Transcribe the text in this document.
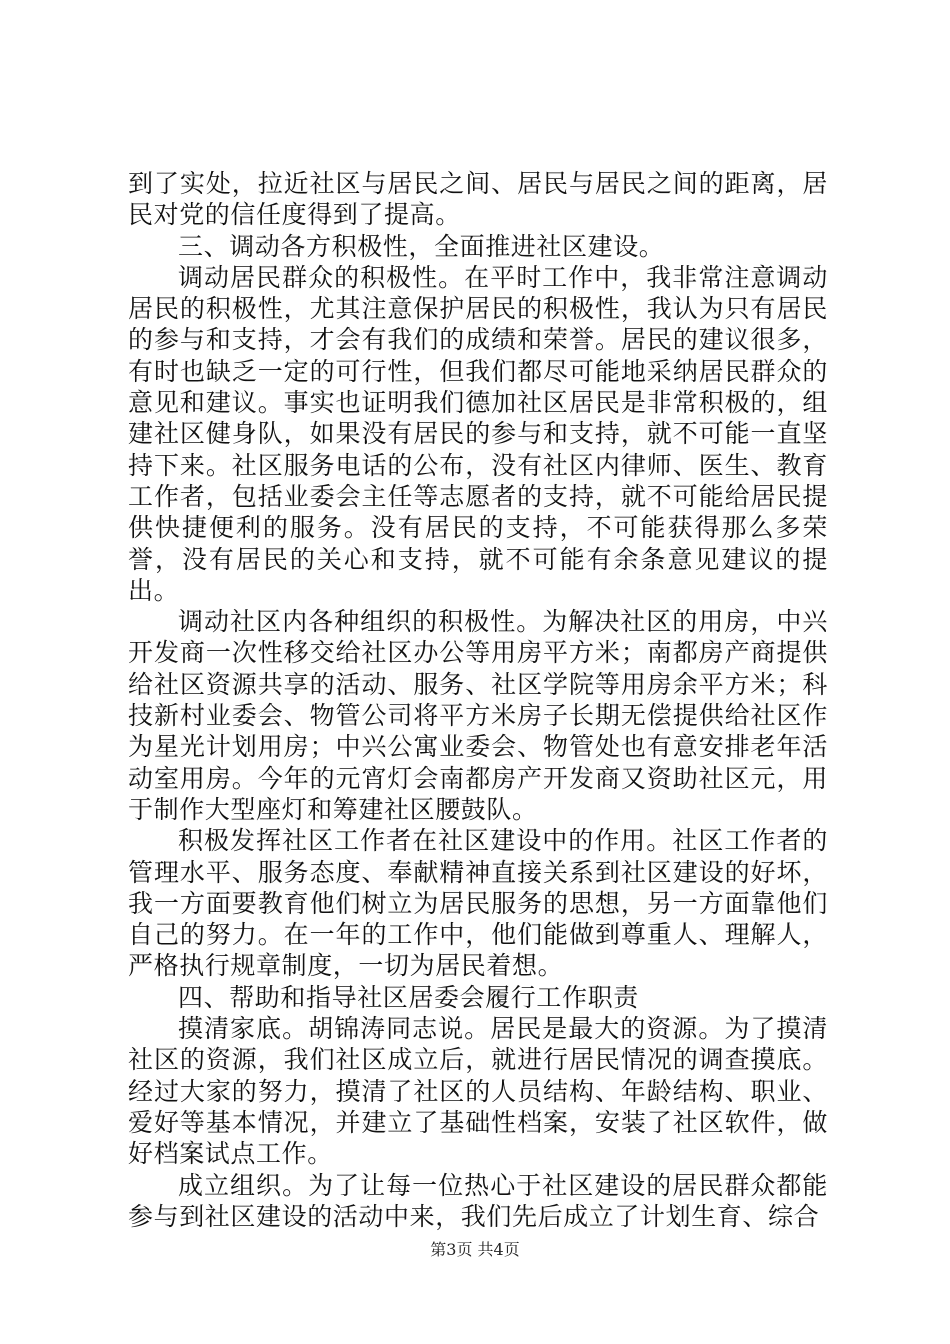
到了实处，拉近社区与居民之间、居民与居民之间的距离，居民对党的信任度得到了提高。

三、调动各方积极性，全面推进社区建设。

调动居民群众的积极性。在平时工作中，我非常注意调动居民的积极性，尤其注意保护居民的积极性，我认为只有居民的参与和支持，才会有我们的成绩和荣誉。居民的建议很多，有时也缺乏一定的可行性，但我们都尽可能地采纳居民群众的意见和建议。事实也证明我们德加社区居民是非常积极的，组建社区健身队，如果没有居民的参与和支持，就不可能一直坚持下来。社区服务电话的公布，没有社区内律师、医生、教育工作者，包括业委会主任等志愿者的支持，就不可能给居民提供快捷便利的服务。没有居民的支持，不可能获得那么多荣誉，没有居民的关心和支持，就不可能有余条意见建议的提出。

调动社区内各种组织的积极性。为解决社区的用房，中兴开发商一次性移交给社区办公等用房平方米；南都房产商提供给社区资源共享的活动、服务、社区学院等用房余平方米；科技新村业委会、物管公司将平方米房子长期无偿提供给社区作为星光计划用房；中兴公寓业委会、物管处也有意安排老年活动室用房。今年的元宵灯会南都房产开发商又资助社区元，用于制作大型座灯和筹建社区腰鼓队。

积极发挥社区工作者在社区建设中的作用。社区工作者的管理水平、服务态度、奉献精神直接关系到社区建设的好坏，我一方面要教育他们树立为居民服务的思想，另一方面靠他们自己的努力。在一年的工作中，他们能做到尊重人、理解人，严格执行规章制度，一切为居民着想。

四、帮助和指导社区居委会履行工作职责

摸清家底。胡锦涛同志说。居民是最大的资源。为了摸清社区的资源，我们社区成立后，就进行居民情况的调查摸底。经过大家的努力，摸清了社区的人员结构、年龄结构、职业、爱好等基本情况，并建立了基础性档案，安装了社区软件，做好档案试点工作。

成立组织。为了让每一位热心于社区建设的居民群众都能参与到社区建设的活动中来，我们先后成立了计划生育、综合

第3页 共4页
